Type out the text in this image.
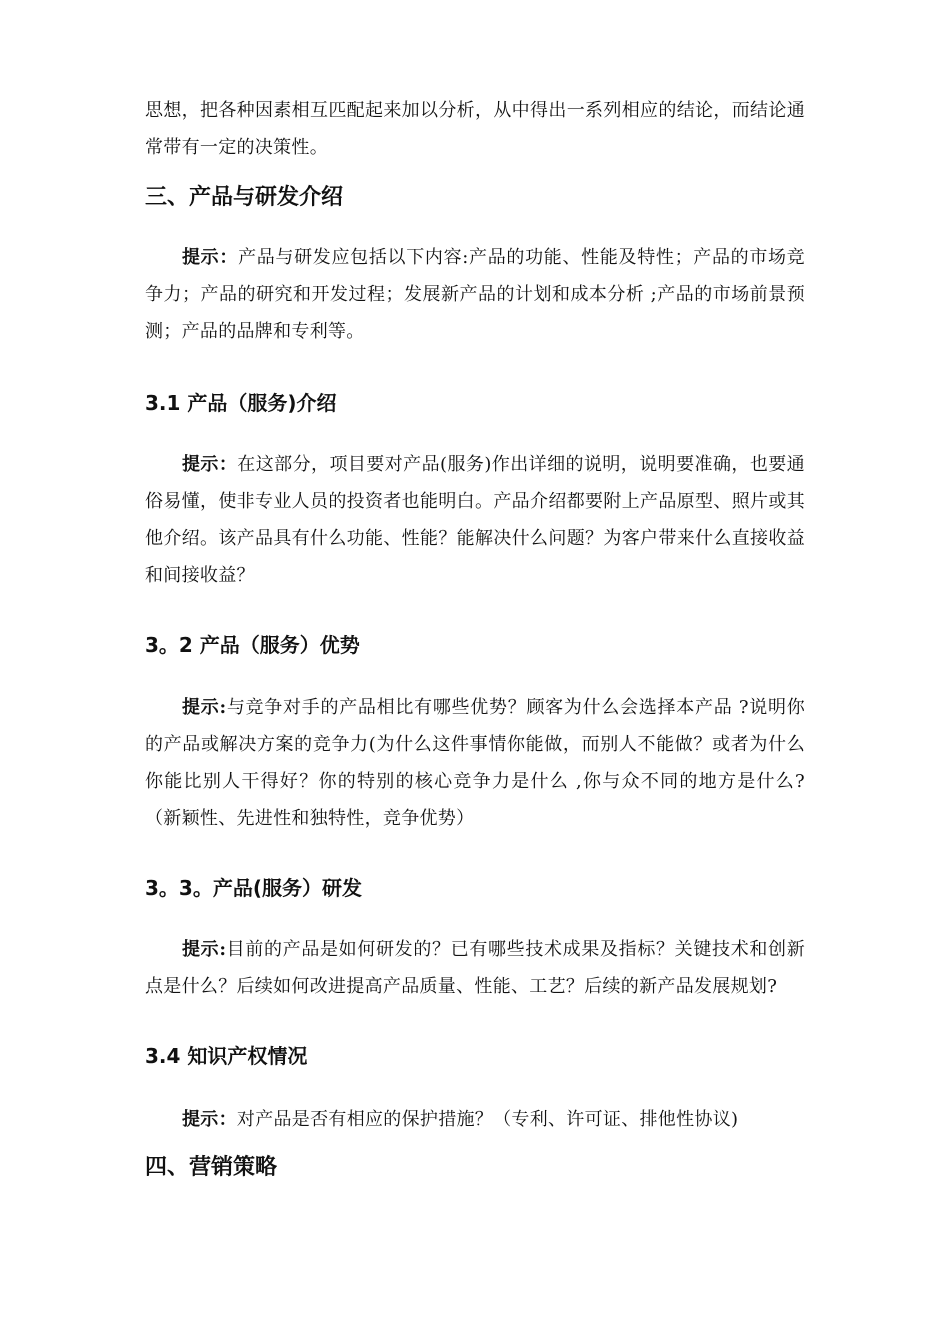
思想，把各种因素相互匹配起来加以分析，从中得出一系列相应的结论，而结论通常带有一定的决策性。

三、产品与研发介绍

提示：产品与研发应包括以下内容:产品的功能、性能及特性；产品的市场竞争力；产品的研究和开发过程；发展新产品的计划和成本分析 ;产品的市场前景预测；产品的品牌和专利等。

3.1 产品（服务)介绍

提示：在这部分，项目要对产品(服务)作出详细的说明，说明要准确，也要通俗易懂，使非专业人员的投资者也能明白。产品介绍都要附上产品原型、照片或其他介绍。该产品具有什么功能、性能？能解决什么问题？为客户带来什么直接收益和间接收益？

3。2 产品（服务）优势

提示:与竞争对手的产品相比有哪些优势？顾客为什么会选择本产品 ?说明你的产品或解决方案的竞争力(为什么这件事情你能做，而别人不能做？或者为什么你能比别人干得好？你的特别的核心竞争力是什么 ,你与众不同的地方是什么?（新颖性、先进性和独特性，竞争优势）

3。3。产品(服务）研发

提示:目前的产品是如何研发的？已有哪些技术成果及指标？关键技术和创新点是什么？后续如何改进提高产品质量、性能、工艺？后续的新产品发展规划?

3.4 知识产权情况

提示：对产品是否有相应的保护措施？（专利、许可证、排他性协议)

四、营销策略
